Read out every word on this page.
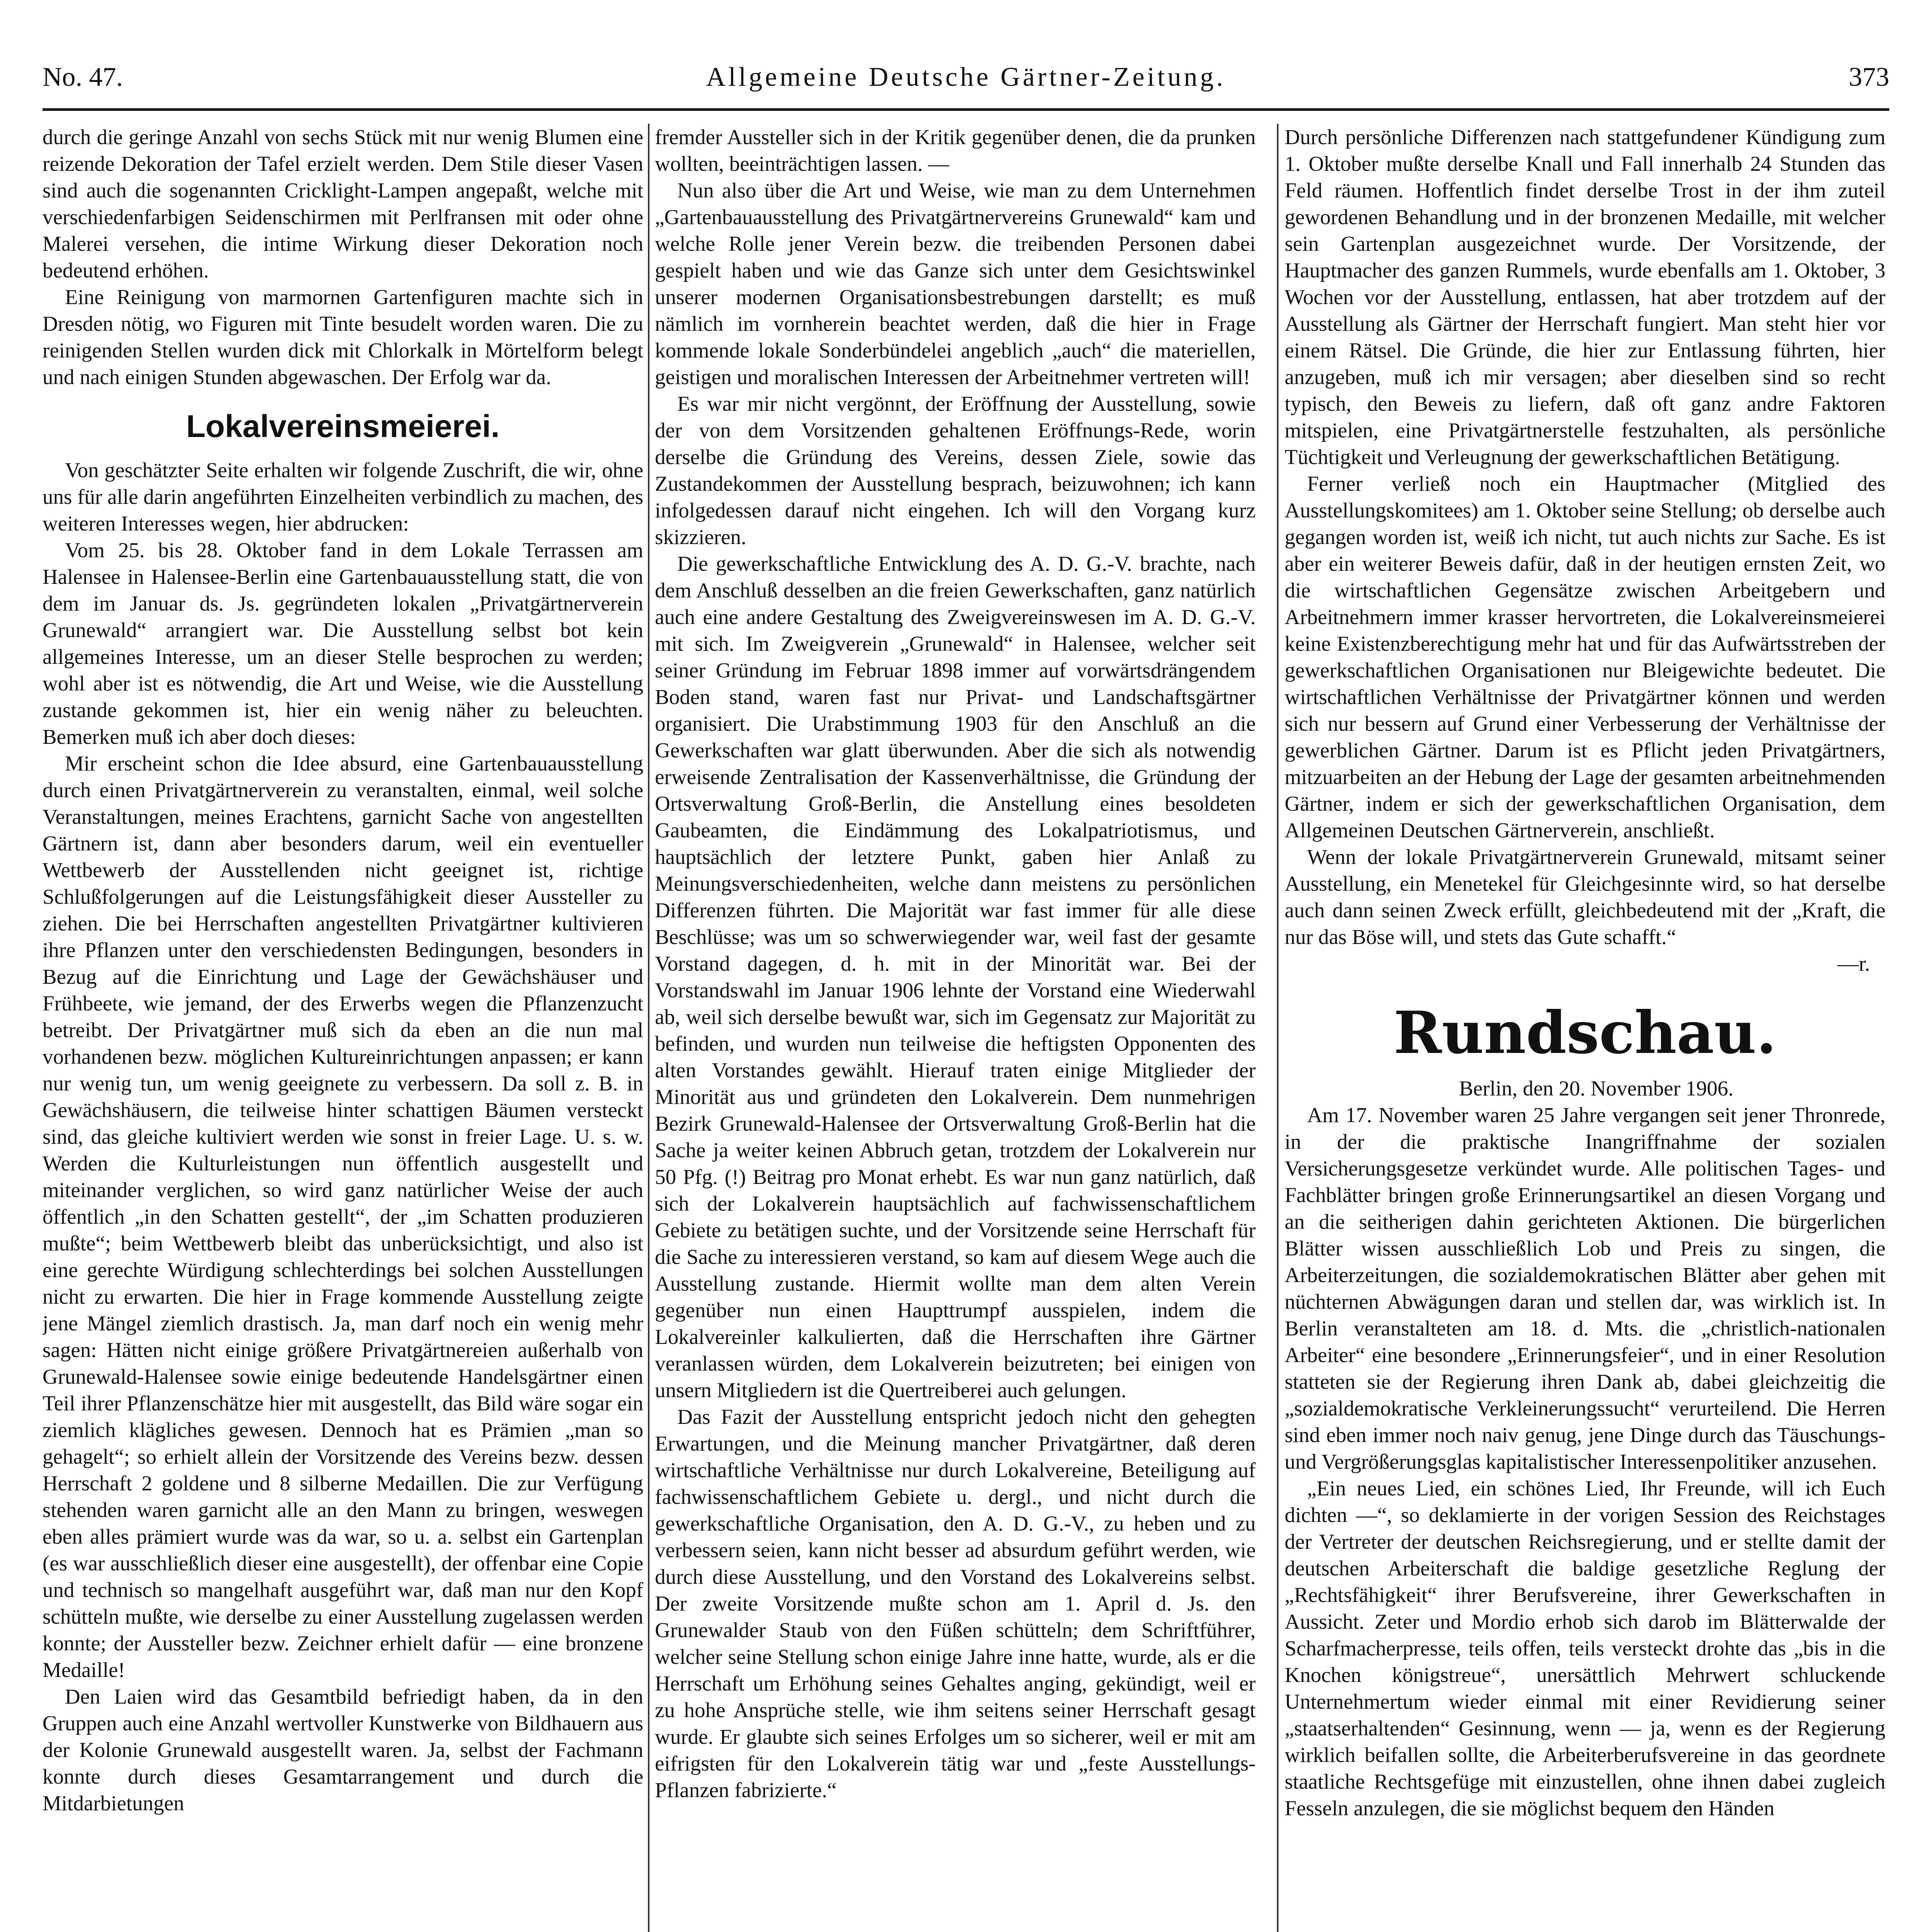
No. 47.	Allgemeine Deutsche Gärtner-Zeitung.	373

durch die geringe Anzahl von sechs Stück mit nur wenig Blumen eine reizende Dekoration der Tafel erzielt werden. Dem Stile dieser Vasen sind auch die sogenannten Cricklight-Lampen angepaßt, welche mit verschiedenfarbigen Seidenschirmen mit Perlfransen mit oder ohne Malerei versehen, die intime Wirkung dieser Dekoration noch bedeutend erhöhen.

Eine Reinigung von marmornen Gartenfiguren machte sich in Dresden nötig, wo Figuren mit Tinte besudelt worden waren. Die zu reinigenden Stellen wurden dick mit Chlorkalk in Mörtelform belegt und nach einigen Stunden abgewaschen. Der Erfolg war da.

Lokalvereinsmeierei.

Von geschätzter Seite erhalten wir folgende Zuschrift, die wir, ohne uns für alle darin angeführten Einzelheiten verbindlich zu machen, des weiteren Interesses wegen, hier abdrucken:

Vom 25. bis 28. Oktober fand in dem Lokale Terrassen am Halensee in Halensee-Berlin eine Gartenbauausstellung statt, die von dem im Januar ds. Js. gegründeten lokalen „Privatgärtnerverein Grunewald“ arrangiert war. Die Ausstellung selbst bot kein allgemeines Interesse, um an dieser Stelle besprochen zu werden; wohl aber ist es nötwendig, die Art und Weise, wie die Ausstellung zustande gekommen ist, hier ein wenig näher zu beleuchten. Bemerken muß ich aber doch dieses:

Mir erscheint schon die Idee absurd, eine Gartenbauausstellung durch einen Privatgärtnerverein zu veranstalten, einmal, weil solche Veranstaltungen, meines Erachtens, garnicht Sache von angestellten Gärtnern ist, dann aber besonders darum, weil ein eventueller Wettbewerb der Ausstellenden nicht geeignet ist, richtige Schlußfolgerungen auf die Leistungsfähigkeit dieser Aussteller zu ziehen. Die bei Herrschaften angestellten Privatgärtner kultivieren ihre Pflanzen unter den verschiedensten Bedingungen, besonders in Bezug auf die Einrichtung und Lage der Gewächshäuser und Frühbeete, wie jemand, der des Erwerbs wegen die Pflanzenzucht betreibt. Der Privatgärtner muß sich da eben an die nun mal vorhandenen bezw. möglichen Kultureinrichtungen anpassen; er kann nur wenig tun, um wenig geeignete zu verbessern. Da soll z. B. in Gewächshäusern, die teilweise hinter schattigen Bäumen versteckt sind, das gleiche kultiviert werden wie sonst in freier Lage. U. s. w. Werden die Kulturleistungen nun öffentlich ausgestellt und miteinander verglichen, so wird ganz natürlicher Weise der auch öffentlich „in den Schatten gestellt“, der „im Schatten produzieren mußte“; beim Wettbewerb bleibt das unberücksichtigt, und also ist eine gerechte Würdigung schlechterdings bei solchen Ausstellungen nicht zu erwarten. Die hier in Frage kommende Ausstellung zeigte jene Mängel ziemlich drastisch. Ja, man darf noch ein wenig mehr sagen: Hätten nicht einige größere Privatgärtnereien außerhalb von Grunewald-Halensee sowie einige bedeutende Handelsgärtner einen Teil ihrer Pflanzenschätze hier mit ausgestellt, das Bild wäre sogar ein ziemlich klägliches gewesen. Dennoch hat es Prämien „man so gehagelt“; so erhielt allein der Vorsitzende des Vereins bezw. dessen Herrschaft 2 goldene und 8 silberne Medaillen. Die zur Verfügung stehenden waren garnicht alle an den Mann zu bringen, weswegen eben alles prämiert wurde was da war, so u. a. selbst ein Gartenplan (es war ausschließlich dieser eine ausgestellt), der offenbar eine Copie und technisch so mangelhaft ausgeführt war, daß man nur den Kopf schütteln mußte, wie derselbe zu einer Ausstellung zugelassen werden konnte; der Aussteller bezw. Zeichner erhielt dafür — eine bronzene Medaille!

Den Laien wird das Gesamtbild befriedigt haben, da in den Gruppen auch eine Anzahl wertvoller Kunstwerke von Bildhauern aus der Kolonie Grunewald ausgestellt waren. Ja, selbst der Fachmann konnte durch dieses Gesamtarrangement und durch die Mitdarbietungen

fremder Aussteller sich in der Kritik gegenüber denen, die da prunken wollten, beeinträchtigen lassen. —

Nun also über die Art und Weise, wie man zu dem Unternehmen „Gartenbauausstellung des Privatgärtnervereins Grunewald“ kam und welche Rolle jener Verein bezw. die treibenden Personen dabei gespielt haben und wie das Ganze sich unter dem Gesichtswinkel unserer modernen Organisationsbestrebungen darstellt; es muß nämlich im vornherein beachtet werden, daß die hier in Frage kommende lokale Sonderbündelei angeblich „auch“ die materiellen, geistigen und moralischen Interessen der Arbeitnehmer vertreten will!

Es war mir nicht vergönnt, der Eröffnung der Ausstellung, sowie der von dem Vorsitzenden gehaltenen Eröffnungs-Rede, worin derselbe die Gründung des Vereins, dessen Ziele, sowie das Zustandekommen der Ausstellung besprach, beizuwohnen; ich kann infolgedessen darauf nicht eingehen. Ich will den Vorgang kurz skizzieren.

Die gewerkschaftliche Entwicklung des A. D. G.-V. brachte, nach dem Anschluß desselben an die freien Gewerkschaften, ganz natürlich auch eine andere Gestaltung des Zweigvereinswesen im A. D. G.-V. mit sich. Im Zweigverein „Grunewald“ in Halensee, welcher seit seiner Gründung im Februar 1898 immer auf vorwärtsdrängendem Boden stand, waren fast nur Privat- und Landschaftsgärtner organisiert. Die Urabstimmung 1903 für den Anschluß an die Gewerkschaften war glatt überwunden. Aber die sich als notwendig erweisende Zentralisation der Kassenverhältnisse, die Gründung der Ortsverwaltung Groß-Berlin, die Anstellung eines besoldeten Gaubeamten, die Eindämmung des Lokalpatriotismus, und hauptsächlich der letztere Punkt, gaben hier Anlaß zu Meinungsverschiedenheiten, welche dann meistens zu persönlichen Differenzen führten. Die Majorität war fast immer für alle diese Beschlüsse; was um so schwerwiegender war, weil fast der gesamte Vorstand dagegen, d. h. mit in der Minorität war. Bei der Vorstandswahl im Januar 1906 lehnte der Vorstand eine Wiederwahl ab, weil sich derselbe bewußt war, sich im Gegensatz zur Majorität zu befinden, und wurden nun teilweise die heftigsten Opponenten des alten Vorstandes gewählt. Hierauf traten einige Mitglieder der Minorität aus und gründeten den Lokalverein. Dem nunmehrigen Bezirk Grunewald-Halensee der Ortsverwaltung Groß-Berlin hat die Sache ja weiter keinen Abbruch getan, trotzdem der Lokalverein nur 50 Pfg. (!) Beitrag pro Monat erhebt. Es war nun ganz natürlich, daß sich der Lokalverein hauptsächlich auf fachwissenschaftlichem Gebiete zu betätigen suchte, und der Vorsitzende seine Herrschaft für die Sache zu interessieren verstand, so kam auf diesem Wege auch die Ausstellung zustande. Hiermit wollte man dem alten Verein gegenüber nun einen Haupttrumpf ausspielen, indem die Lokalvereinler kalkulierten, daß die Herrschaften ihre Gärtner veranlassen würden, dem Lokalverein beizutreten; bei einigen von unsern Mitgliedern ist die Quertreiberei auch gelungen.

Das Fazit der Ausstellung entspricht jedoch nicht den gehegten Erwartungen, und die Meinung mancher Privatgärtner, daß deren wirtschaftliche Verhältnisse nur durch Lokalvereine, Beteiligung auf fachwissenschaftlichem Gebiete u. dergl., und nicht durch die gewerkschaftliche Organisation, den A. D. G.-V., zu heben und zu verbessern seien, kann nicht besser ad absurdum geführt werden, wie durch diese Ausstellung, und den Vorstand des Lokalvereins selbst. Der zweite Vorsitzende mußte schon am 1. April d. Js. den Grunewalder Staub von den Füßen schütteln; dem Schriftführer, welcher seine Stellung schon einige Jahre inne hatte, wurde, als er die Herrschaft um Erhöhung seines Gehaltes anging, gekündigt, weil er zu hohe Ansprüche stelle, wie ihm seitens seiner Herrschaft gesagt wurde. Er glaubte sich seines Erfolges um so sicherer, weil er mit am eifrigsten für den Lokalverein tätig war und „feste Ausstellungs-Pflanzen fabrizierte.“

Durch persönliche Differenzen nach stattgefundener Kündigung zum 1. Oktober mußte derselbe Knall und Fall innerhalb 24 Stunden das Feld räumen. Hoffentlich findet derselbe Trost in der ihm zuteil gewordenen Behandlung und in der bronzenen Medaille, mit welcher sein Gartenplan ausgezeichnet wurde. Der Vorsitzende, der Hauptmacher des ganzen Rummels, wurde ebenfalls am 1. Oktober, 3 Wochen vor der Ausstellung, entlassen, hat aber trotzdem auf der Ausstellung als Gärtner der Herrschaft fungiert. Man steht hier vor einem Rätsel. Die Gründe, die hier zur Entlassung führten, hier anzugeben, muß ich mir versagen; aber dieselben sind so recht typisch, den Beweis zu liefern, daß oft ganz andre Faktoren mitspielen, eine Privatgärtnerstelle festzuhalten, als persönliche Tüchtigkeit und Verleugnung der gewerkschaftlichen Betätigung.

Ferner verließ noch ein Hauptmacher (Mitglied des Ausstellungskomitees) am 1. Oktober seine Stellung; ob derselbe auch gegangen worden ist, weiß ich nicht, tut auch nichts zur Sache. Es ist aber ein weiterer Beweis dafür, daß in der heutigen ernsten Zeit, wo die wirtschaftlichen Gegensätze zwischen Arbeitgebern und Arbeitnehmern immer krasser hervortreten, die Lokalvereinsmeierei keine Existenzberechtigung mehr hat und für das Aufwärtsstreben der gewerkschaftlichen Organisationen nur Bleigewichte bedeutet. Die wirtschaftlichen Verhältnisse der Privatgärtner können und werden sich nur bessern auf Grund einer Verbesserung der Verhältnisse der gewerblichen Gärtner. Darum ist es Pflicht jeden Privatgärtners, mitzuarbeiten an der Hebung der Lage der gesamten arbeitnehmenden Gärtner, indem er sich der gewerkschaftlichen Organisation, dem Allgemeinen Deutschen Gärtnerverein, anschließt.

Wenn der lokale Privatgärtnerverein Grunewald, mitsamt seiner Ausstellung, ein Menetekel für Gleichgesinnte wird, so hat derselbe auch dann seinen Zweck erfüllt, gleichbedeutend mit der „Kraft, die nur das Böse will, und stets das Gute schafft.“

—r.
Rundschau.

Berlin, den 20. November 1906.

Am 17. November waren 25 Jahre vergangen seit jener Thronrede, in der die praktische Inangriffnahme der sozialen Versicherungsgesetze verkündet wurde. Alle politischen Tages- und Fachblätter bringen große Erinnerungsartikel an diesen Vorgang und an die seitherigen dahin gerichteten Aktionen. Die bürgerlichen Blätter wissen ausschließlich Lob und Preis zu singen, die Arbeiterzeitungen, die sozialdemokratischen Blätter aber gehen mit nüchternen Abwägungen daran und stellen dar, was wirklich ist. In Berlin veranstalteten am 18. d. Mts. die „christlich-nationalen Arbeiter“ eine besondere „Erinnerungsfeier“, und in einer Resolution statteten sie der Regierung ihren Dank ab, dabei gleichzeitig die „sozialdemokratische Verkleinerungssucht“ verurteilend. Die Herren sind eben immer noch naiv genug, jene Dinge durch das Täuschungs- und Vergrößerungsglas kapitalistischer Interessenpolitiker anzusehen.

„Ein neues Lied, ein schönes Lied, Ihr Freunde, will ich Euch dichten —“, so deklamierte in der vorigen Session des Reichstages der Vertreter der deutschen Reichsregierung, und er stellte damit der deutschen Arbeiterschaft die baldige gesetzliche Reglung der „Rechtsfähigkeit“ ihrer Berufsvereine, ihrer Gewerkschaften in Aussicht. Zeter und Mordio erhob sich darob im Blätterwalde der Scharfmacherpresse, teils offen, teils versteckt drohte das „bis in die Knochen königstreue“, unersättlich Mehrwert schluckende Unternehmertum wieder einmal mit einer Revidierung seiner „staatserhaltenden“ Gesinnung, wenn — ja, wenn es der Regierung wirklich beifallen sollte, die Arbeiterberufsvereine in das geordnete staatliche Rechtsgefüge mit einzustellen, ohne ihnen dabei zugleich Fesseln anzulegen, die sie möglichst bequem den Händen
